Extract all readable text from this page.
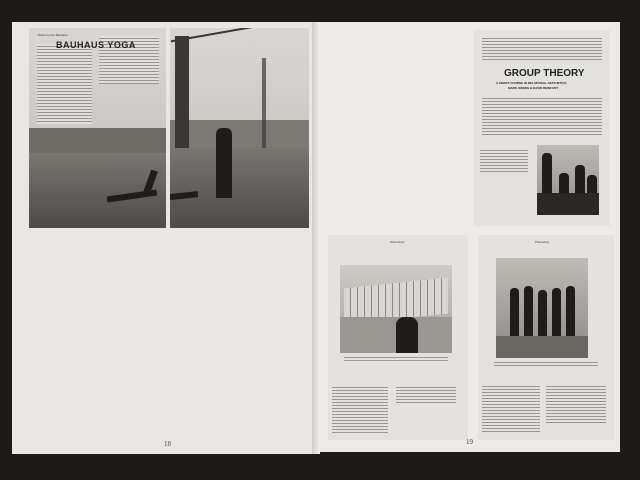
Photo by the Bauhaus
BAUHAUS YOGA
18
GROUP THEORY
A SHORT COURSE IN RELATIONAL AESTHETICS
MARK OWENS & DAVID REINFURT
Photoshop	Photoshop
19
